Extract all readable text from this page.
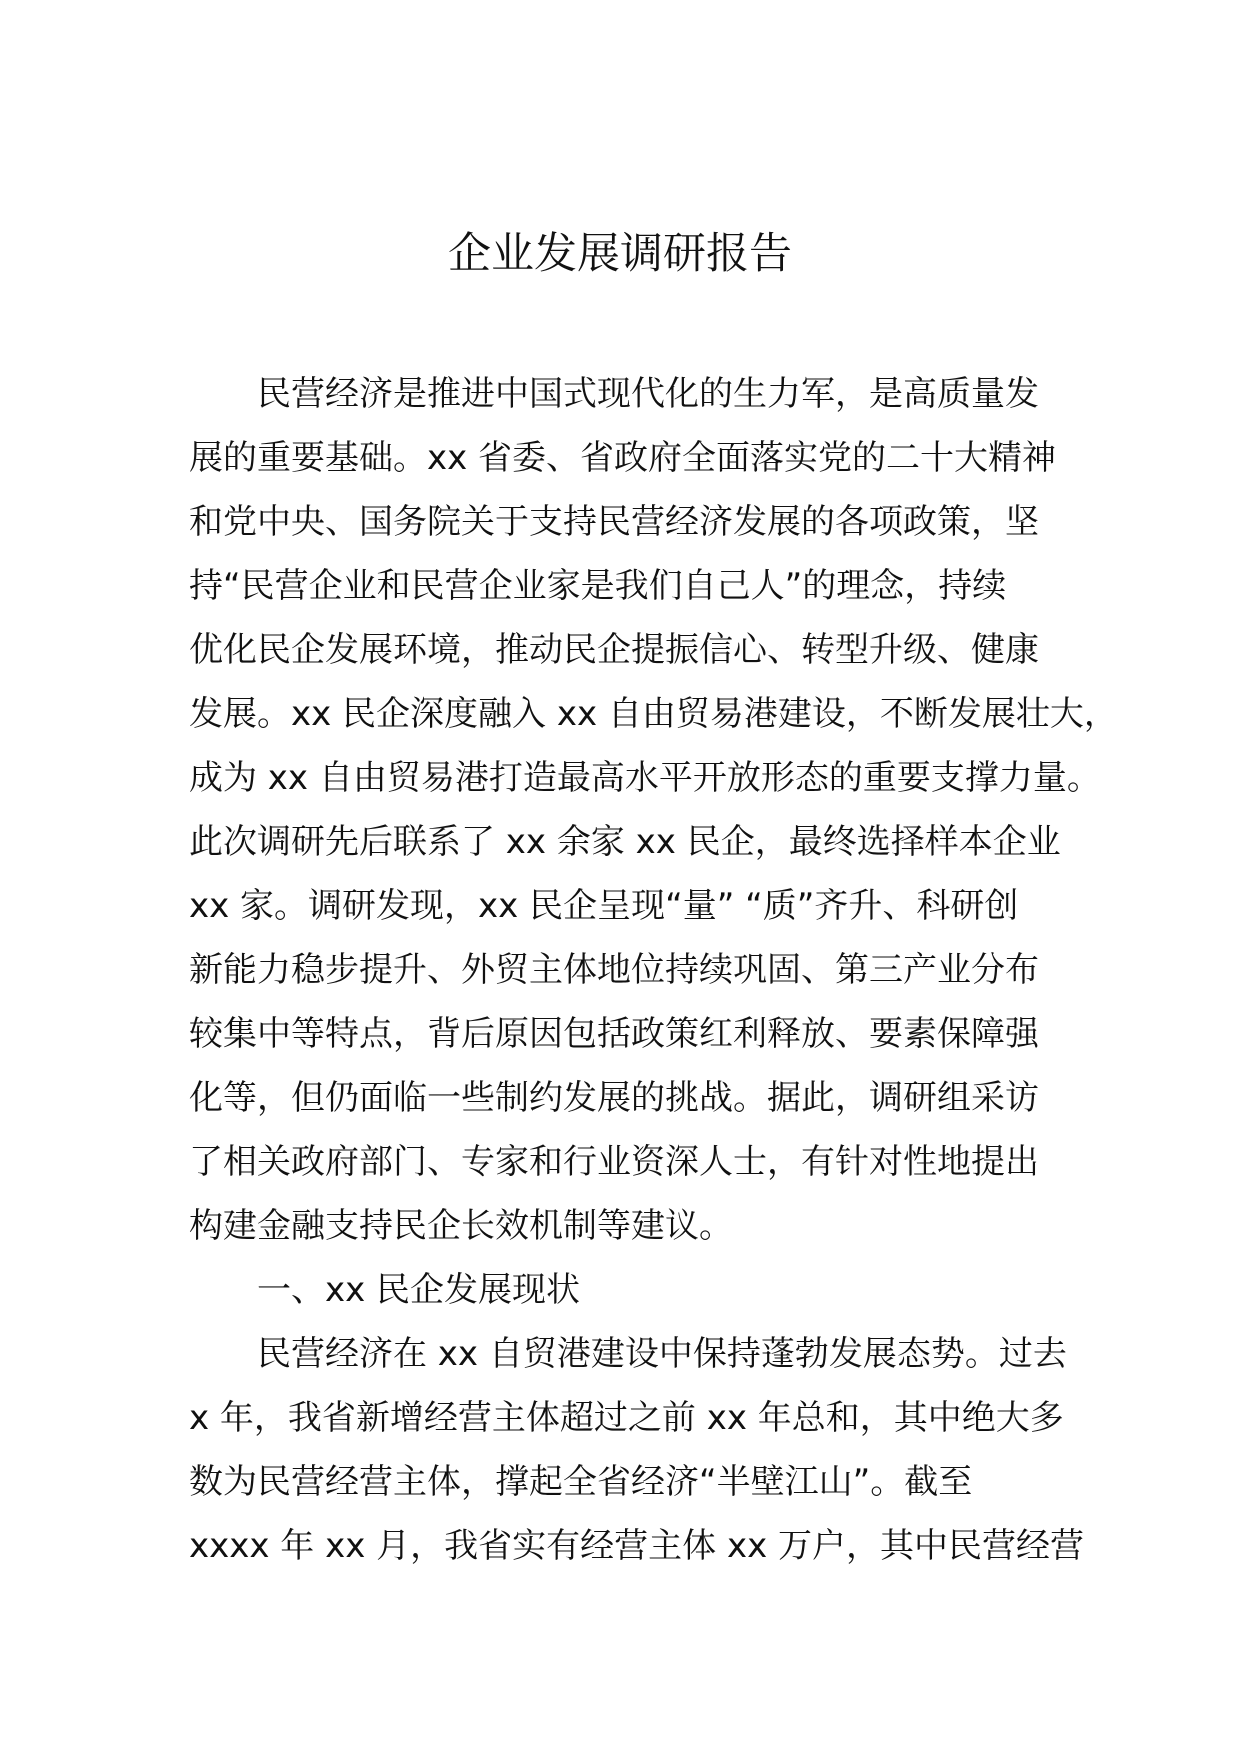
企业发展调研报告

民营经济是推进中国式现代化的生力军，是高质量发

展的重要基础。xx 省委、省政府全面落实党的二十大精神

和党中央、国务院关于支持民营经济发展的各项政策，坚

持“民营企业和民营企业家是我们自己人”的理念，持续

优化民企发展环境，推动民企提振信心、转型升级、健康

发展。xx 民企深度融入 xx 自由贸易港建设，不断发展壮大，

成为 xx 自由贸易港打造最高水平开放形态的重要支撑力量。

此次调研先后联系了 xx 余家 xx 民企，最终选择样本企业

xx 家。调研发现，xx 民企呈现“量” “质”齐升、科研创

新能力稳步提升、外贸主体地位持续巩固、第三产业分布

较集中等特点，背后原因包括政策红利释放、要素保障强

化等，但仍面临一些制约发展的挑战。据此，调研组采访

了相关政府部门、专家和行业资深人士，有针对性地提出

构建金融支持民企长效机制等建议。

一、xx 民企发展现状

民营经济在 xx 自贸港建设中保持蓬勃发展态势。过去

x 年，我省新增经营主体超过之前 xx 年总和，其中绝大多

数为民营经营主体，撑起全省经济“半壁江山”。截至

xxxx 年 xx 月，我省实有经营主体 xx 万户，其中民营经营
